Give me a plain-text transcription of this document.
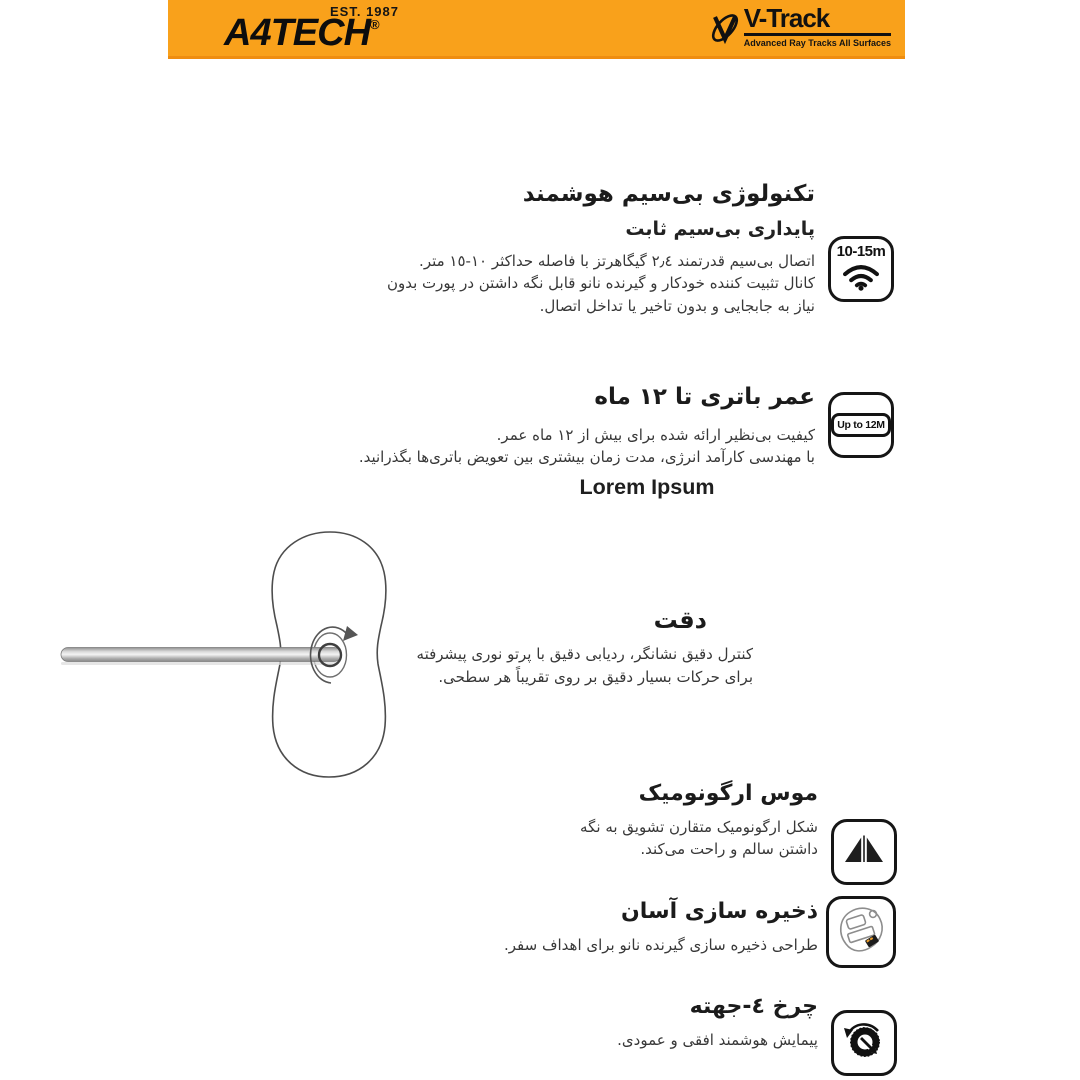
EST. 1987
A4TECH®	V-Track
Advanced Ray Tracks All Surfaces
تکنولوژی بی‌سیم هوشمند
پایداری بی‌سیم ثابت
اتصال بی‌سیم قدرتمند ٢٫٤ گیگاهرتز با فاصله حداکثر ١٠-١٥ متر.
کانال تثبیت کننده خودکار و گیرنده نانو قابل نگه داشتن در پورت بدون
نیاز به جابجایی و بدون تاخیر یا تداخل اتصال.
10-15m
عمر باتری تا ١٢ ماه
کیفیت بی‌نظیر ارائه شده برای بیش از ١٢ ماه عمر.
با مهندسی کارآمد انرژی، مدت زمان بیشتری بین تعویض باتری‌ها بگذرانید.
Up to 12M
Lorem Ipsum
دقت
کنترل دقیق نشانگر، ردیابی دقیق با پرتو نوری پیشرفته
برای حرکات بسیار دقیق بر روی تقریباً هر سطحی.
موس ارگونومیک
شکل ارگونومیک متقارن تشویق به نگه
داشتن سالم و راحت می‌کند.
ذخیره سازی آسان
طراحی ذخیره سازی گیرنده نانو برای اهداف سفر.
چرخ ٤-جهته
پیمایش هوشمند افقی و عمودی.
